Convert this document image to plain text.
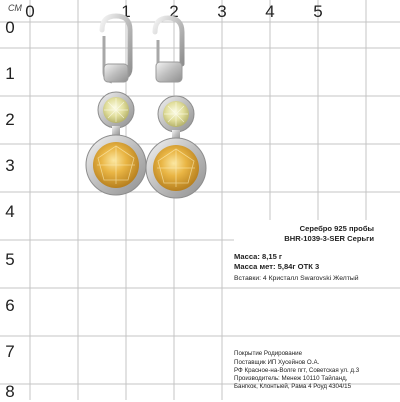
СМ 0	1	2	3	4	5
0
1
2
3
4
5
6
7
8
Серебро 925 пробы
BHR-1039-3-SER Серьги
Масса: 8,15 г
Масса мет: 5,84г ОТК 3
Вставки: 4 Кристалл Swarovski Желтый
Покрытие Родирование
Поставщик ИП Хусейнов О.А.
РФ Красное-на-Волге пгт, Советская ул. д.3
Производитель: Менеж 10110 Тайланд,
Бангкок, Клонтыей, Рама 4 Роуд 4304/15
